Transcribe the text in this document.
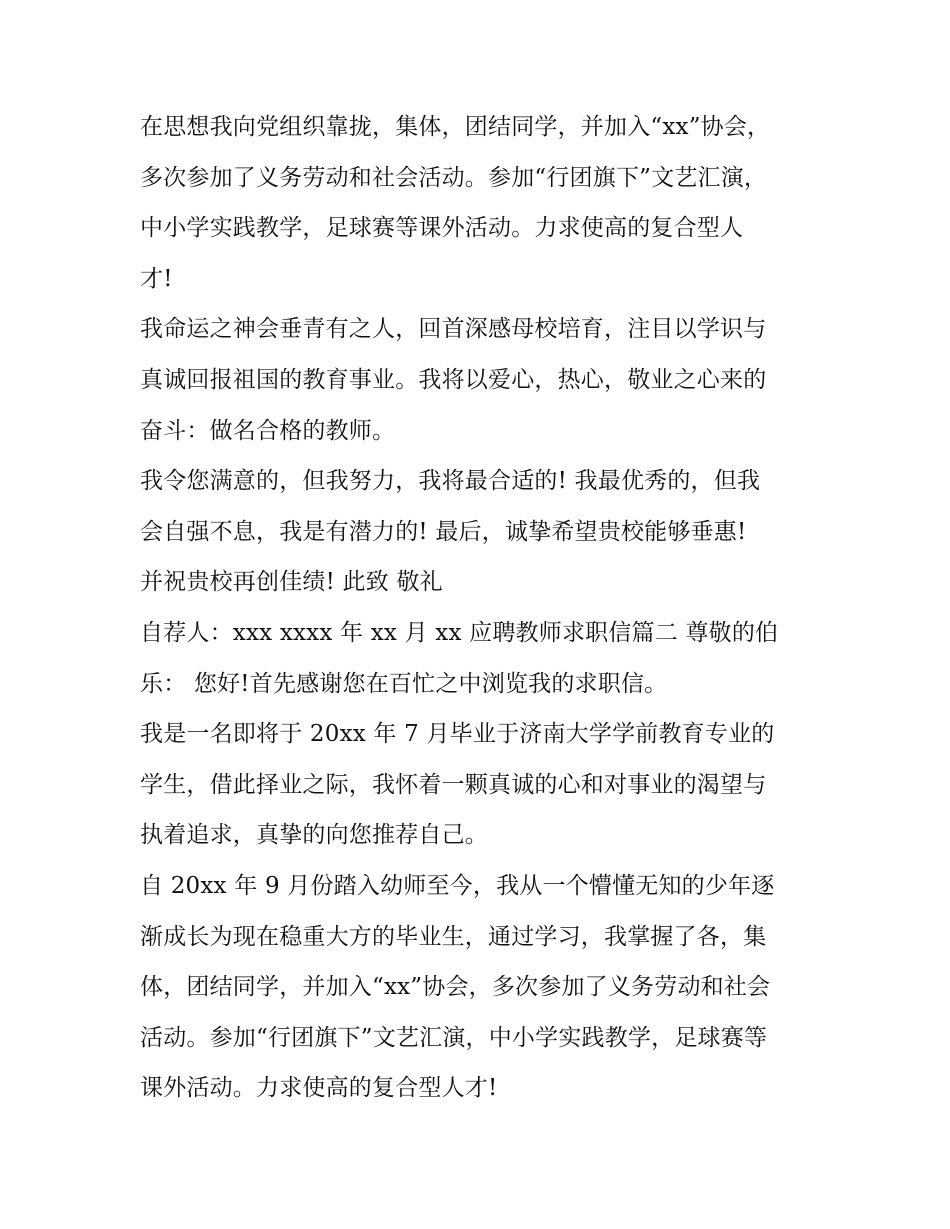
在思想我向党组织靠拢，集体，团结同学，并加入“xx”协会，
多次参加了义务劳动和社会活动。参加“行团旗下”文艺汇演，
中小学实践教学，足球赛等课外活动。力求使高的复合型人
才!
我命运之神会垂青有之人，回首深感母校培育，注目以学识与
真诚回报祖国的教育事业。我将以爱心，热心，敬业之心来的
奋斗：做名合格的教师。
我令您满意的，但我努力，我将最合适的! 我最优秀的，但我
会自强不息，我是有潜力的! 最后，诚挚希望贵校能够垂惠!
并祝贵校再创佳绩! 此致 敬礼
自荐人：xxx xxxx 年 xx 月 xx 应聘教师求职信篇二 尊敬的伯
乐： 您好!首先感谢您在百忙之中浏览我的求职信。
我是一名即将于 20xx 年 7 月毕业于济南大学学前教育专业的
学生，借此择业之际，我怀着一颗真诚的心和对事业的渴望与
执着追求，真挚的向您推荐自己。
自 20xx 年 9 月份踏入幼师至今，我从一个懵懂无知的少年逐
渐成长为现在稳重大方的毕业生，通过学习，我掌握了各，集
体，团结同学，并加入“xx”协会，多次参加了义务劳动和社会
活动。参加“行团旗下”文艺汇演，中小学实践教学，足球赛等
课外活动。力求使高的复合型人才!
